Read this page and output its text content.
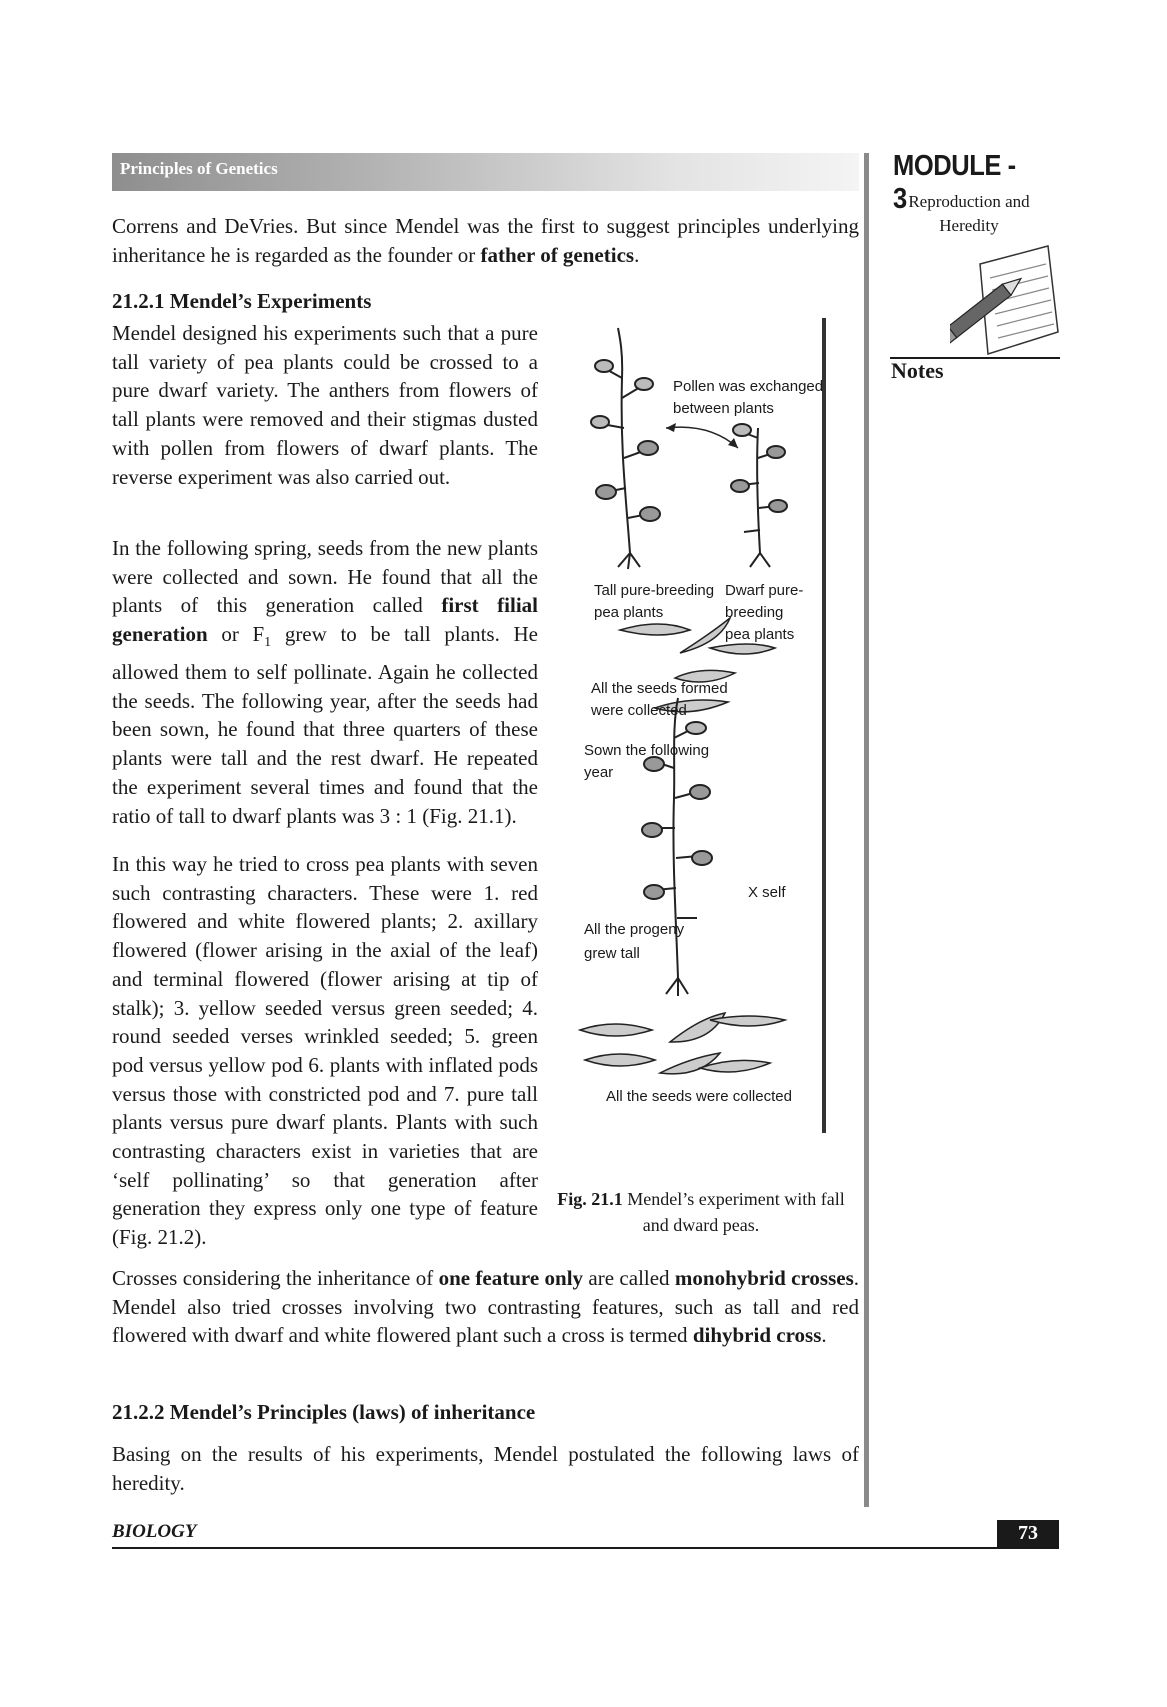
Principles of Genetics	MODULE - 3 Reproduction and
Heredity
Notes

Correns and DeVries. But since Mendel was the first to suggest principles underlying inheritance he is regarded as the founder or father of genetics.

21.2.1 Mendel’s Experiments

Mendel designed his experiments such that a pure tall variety of pea plants could be crossed to a pure dwarf variety. The anthers from flowers of tall plants were removed and their stigmas dusted with pollen from flowers of dwarf plants. The reverse experiment was also carried out.

In the following spring, seeds from the new plants were collected and sown. He found that all the plants of this generation called first filial generation or $F_1$ grew to be tall plants. He allowed them to self pollinate. Again he collected the seeds. The following year, after the seeds had been sown, he found that three quarters of these plants were tall and the rest dwarf. He repeated the experiment several times and found that the ratio of tall to dwarf plants was 3 : 1 (Fig. 21.1).

In this way he tried to cross pea plants with seven such contrasting characters. These were 1. red flowered and white flowered plants; 2. axillary flowered (flower arising in the axial of the leaf) and terminal flowered (flower arising at tip of stalk); 3. yellow seeded versus green seeded; 4. round seeded verses wrinkled seeded; 5. green pod versus yellow pod 6. plants with inflated pods versus those with constricted pod and 7. pure tall plants versus pure dwarf plants. Plants with such contrasting characters exist in varieties that are ‘self pollinating’ so that generation after generation they express only one type of feature (Fig. 21.2).

Crosses considering the inheritance of one feature only are called monohybrid crosses. Mendel also tried crosses involving two contrasting features, such as tall and red flowered with dwarf and white flowered plant such a cross is termed dihybrid cross.

21.2.2 Mendel’s Principles (laws) of inheritance

Basing on the results of his experiments, Mendel postulated the following laws of heredity.

Pollen was exchanged
between plants
Tall pure-breeding
pea plants
Dwarf pure-breeding
pea plants
All the seeds formed
were collected
Sown the following
year
X self
All the progeny
grew tall
All the seeds were collected
Fig. 21.1 Mendel’s experiment with fall and dward peas.
BIOLOGY	73
